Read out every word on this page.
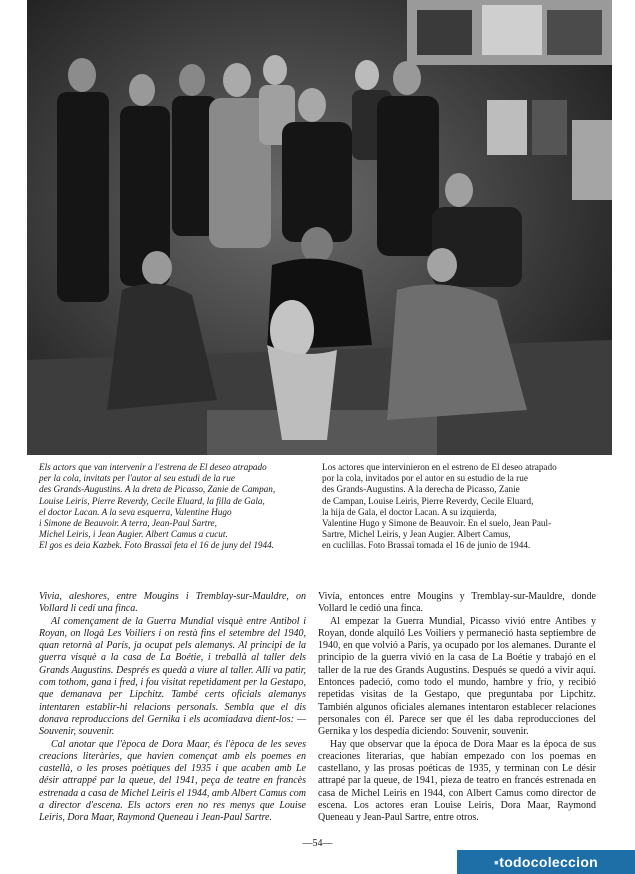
Els actors que van intervenir a l'estrena de El deseo atrapado
per la cola, invitats per l'autor al seu estudi de la rue
des Grands-Augustins. A la dreta de Picasso, Zanie de Campan,
Louise Leiris, Pierre Reverdy, Cecile Eluard, la filla de Gala,
el doctor Lacan. A la seva esquerra, Valentine Hugo
i Simone de Beauvoir. A terra, Jean-Paul Sartre,
Michel Leiris, i Jean Augier. Albert Camus a cucut.
El gos es deia Kazbek. Foto Brassaï feta el 16 de juny del 1944.
Los actores que intervinieron en el estreno de El deseo atrapado
por la cola, invitados por el autor en su estudio de la rue
des Grands-Augustins. A la derecha de Picasso, Zanie
de Campan, Louise Leiris, Pierre Reverdy, Cecile Eluard,
la hija de Gala, el doctor Lacan. A su izquierda,
Valentine Hugo y Simone de Beauvoir. En el suelo, Jean Paul-
Sartre, Michel Leiris, y Jean Augier. Albert Camus,
en cuclillas. Foto Brassaï tomada el 16 de junio de 1944.

Vivia, aleshores, entre Mougins i Tremblay-sur-Mauldre, on Vollard li cedí una finca.

Al començament de la Guerra Mundial visquè entre Antibol i Royan, on llogà Les Voiliers i on restà fins el setembre del 1940, quan retornà al París, ja ocupat pels alemanys. Al principi de la guerra visquè a la casa de La Boétie, i treballà al taller dels Grands Augustins. Després es quedà a viure al taller. Allí va patir, com tothom, gana i fred, i fou visitat repetidament per la Gestapo, que demanava per Lipchitz. També certs oficials alemanys intentaren establir-hi relacions personals. Sembla que el dis donava reproduccions del Gernika i els acomiadava dient-los: —Souvenir, souvenir.

Cal anotar que l'època de Dora Maar, és l'època de les seves creacions literàries, que havien començat amb els poemes en castellà, o les proses poètiques del 1935 i que acaben amb Le désir attrappé par la queue, del 1941, peça de teatre en francès estrenada a casa de Michel Leiris el 1944, amb Albert Camus com a director d'escena. Els actors eren no res menys que Louise Leiris, Dora Maar, Raymond Queneau i Jean-Paul Sartre.

Vivía, entonces entre Mougins y Tremblay-sur-Mauldre, donde Vollard le cedió una finca.

Al empezar la Guerra Mundial, Picasso vivió entre Antibes y Royan, donde alquiló Les Voiliers y permaneció hasta septiembre de 1940, en que volvió a París, ya ocupado por los alemanes. Durante el principio de la guerra vivió en la casa de La Boétie y trabajó en el taller de la rue des Grands Augustins. Después se quedó a vivir aquí. Entonces padeció, como todo el mundo, hambre y frío, y recibió repetidas visitas de la Gestapo, que preguntaba por Lipchitz. También algunos oficiales alemanes intentaron establecer relaciones personales con él. Parece ser que él les daba reproducciones del Gernika y los despedía diciendo: Souvenir, souvenir.

Hay que observar que la época de Dora Maar es la época de sus creaciones literarias, que habían empezado con los poemas en castellano, y las prosas poéticas de 1935, y terminan con Le désir attrapé par la queue, de 1941, pieza de teatro en francés estrenada en casa de Michel Leiris en 1944, con Albert Camus como director de escena. Los actores eran Louise Leiris, Dora Maar, Raymond Queneau y Jean-Paul Sartre, entre otros.

—54—
▪ todocoleccion
